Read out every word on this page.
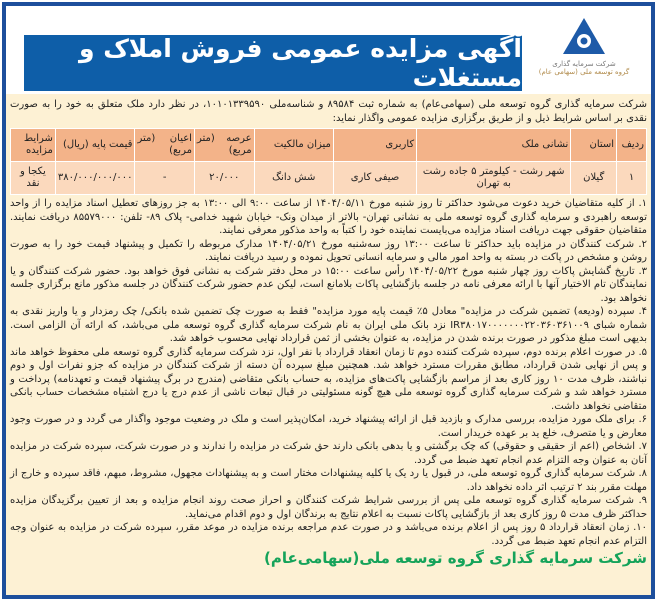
آگهی مزایده عمومی فروش املاک و مستغلات	شرکت سرمایه گذاری
گروه توسعه ملی (سهامی عام)

شرکت سرمایه گذاری گروه توسعه ملی (سهامی‌عام) به شماره ثبت ۸۹۵۸۴ و شناسه‌ملی ۱۰۱۰۱۳۳۹۵۹۰، در نظر دارد ملک متعلق به خود را به صورت نقدی بر اساس شرایط ذیل و از طریق برگزاری مزایده عمومی واگذار نماید:

ردیف	استان	نشانی ملک	کاربری	میزان مالکیت	عرصه (متر مربع)	اعیان (متر مربع)	قیمت پایه (ریال)	شرایط مزایده
۱	گیلان	شهر رشت - کیلومتر ۵ جاده رشت به تهران	صیفی کاری	شش دانگ	۲۰/۰۰۰	-	۳۸۰/۰۰۰/۰۰۰/۰۰۰	یکجا و نقد

۱. از کلیه متقاضیان خرید دعوت می‌شود حداکثر تا روز شنبه مورخ ۱۴۰۴/۰۵/۱۱ از ساعت ۹:۰۰ الی ۱۳:۰۰ به جز روزهای تعطیل اسناد مزایده را از واحد توسعه راهبردی و سرمایه گذاری گروه توسعه ملی به نشانی تهران- بالاتر از میدان ونک- خیابان شهید خدامی- پلاک ۸۹- تلفن: ۸۵۵۷۹۰۰۰ دریافت نمایند. متقاضیان حقوقی جهت دریافت اسناد مزایده می‌بایست نماینده خود را کتباً به واحد مذکور معرفی نمایند.

۲. شرکت کنندگان در مزایده باید حداکثر تا ساعت ۱۳:۰۰ روز سه‌شنبه مورخ ۱۴۰۴/۰۵/۲۱ مدارک مربوطه را تکمیل و پیشنهاد قیمت خود را به صورت روشن و مشخص در پاکت در بسته به واحد امور مالی و سرمایه انسانی تحویل نموده و رسید دریافت نمایند.

۳. تاریخ گشایش پاکات روز چهار شنبه مورخ ۱۴۰۴/۰۵/۲۲ رأس ساعت ۱۵:۰۰ در محل دفتر شرکت به نشانی فوق خواهد بود. حضور شرکت کنندگان و یا نمایندگان تام الاختیار آنها با ارائه معرفی نامه در جلسه بازگشایی پاکات بلامانع است، لیکن عدم حضور شرکت کنندگان در جلسه مذکور مانع برگزاری جلسه نخواهد بود.

۴. سپرده (ودیعه) تضمین شرکت در مزایده" معادل ۵٪ قیمت پایه مورد مزایده" فقط به صورت چک تضمین شده بانکی/ چک رمزدار و یا واریز نقدی به شماره شبای IR۳۸۰۱۷۰۰۰۰۰۰۰۲۲۰۳۶۰۳۶۱۰۰۹ نزد بانک ملی ایران به نام شرکت سرمایه گذاری گروه توسعه ملی می‌باشد، که ارائه آن الزامی است. بدیهی است مبلغ مذکور در صورت برنده شدن در مزایده، به عنوان بخشی از ثمن قرارداد نهایی محسوب خواهد شد.

۵. در صورت اعلام برنده دوم، سپرده شرکت کننده دوم تا زمان انعقاد قرارداد با نفر اول، نزد شرکت سرمایه گذاری گروه توسعه ملی محفوظ خواهد ماند و پس از نهایی شدن قرارداد، مطابق مقررات مسترد خواهد شد. همچنین مبلغ سپرده آن دسته از شرکت کنندگان در مزایده که جزو نفرات اول و دوم نباشند، ظرف مدت ۱۰ روز کاری بعد از مراسم بازگشایی پاکت‌های مزایده، به حساب بانکی متقاضی (مندرج در برگ پیشنهاد قیمت و تعهدنامه) پرداخت و مسترد خواهد شد و شرکت سرمایه گذاری گروه توسعه ملی هیچ گونه مسئولیتی در قبال تبعات ناشی از عدم درج یا درج اشتباه مشخصات حساب بانکی متقاضی نخواهد داشت.

۶. برای ملک مورد مزایده، بررسی مدارک و بازدید قبل از ارائه پیشنهاد خرید، امکان‌پذیر است و ملک در وضعیت موجود واگذار می گردد و در صورت وجود معارض و یا متصرف، خلع ید بر عهده خریدار است.

۷. اشخاص (اعم از حقیقی و حقوقی) که چک برگشتی و یا بدهی بانکی دارند حق شرکت در مزایده را ندارند و در صورت شرکت، سپرده شرکت در مزایده آنان به عنوان وجه التزام عدم انجام تعهد ضبط می گردد.

۸. شرکت سرمایه گذاری گروه توسعه ملی، در قبول یا رد یک یا کلیه پیشنهادات مختار است و به پیشنهادات مجهول، مشروط، مبهم، فاقد سپرده و خارج از مهلت مقرر بند ۲ ترتیب اثر داده نخواهد داد.

۹. شرکت سرمایه گذاری گروه توسعه ملی پس از بررسی شرایط شرکت کنندگان و احراز صحت روند انجام مزایده و بعد از تعیین برگزیدگان مزایده حداکثر ظرف مدت ۵ روز کاری بعد از بازگشایی پاکات نسبت به اعلام نتایج به برندگان اول و دوم اقدام می‌نماید.

۱۰. زمان انعقاد قرارداد ۵ روز پس از اعلام برنده می‌باشد و در صورت عدم مراجعه برنده مزایده در موعد مقرر، سپرده شرکت در مزایده به عنوان وجه التزام عدم انجام تعهد ضبط می گردد.

شرکت سرمایه گذاری گروه توسعه ملی(سهامی‌عام)
